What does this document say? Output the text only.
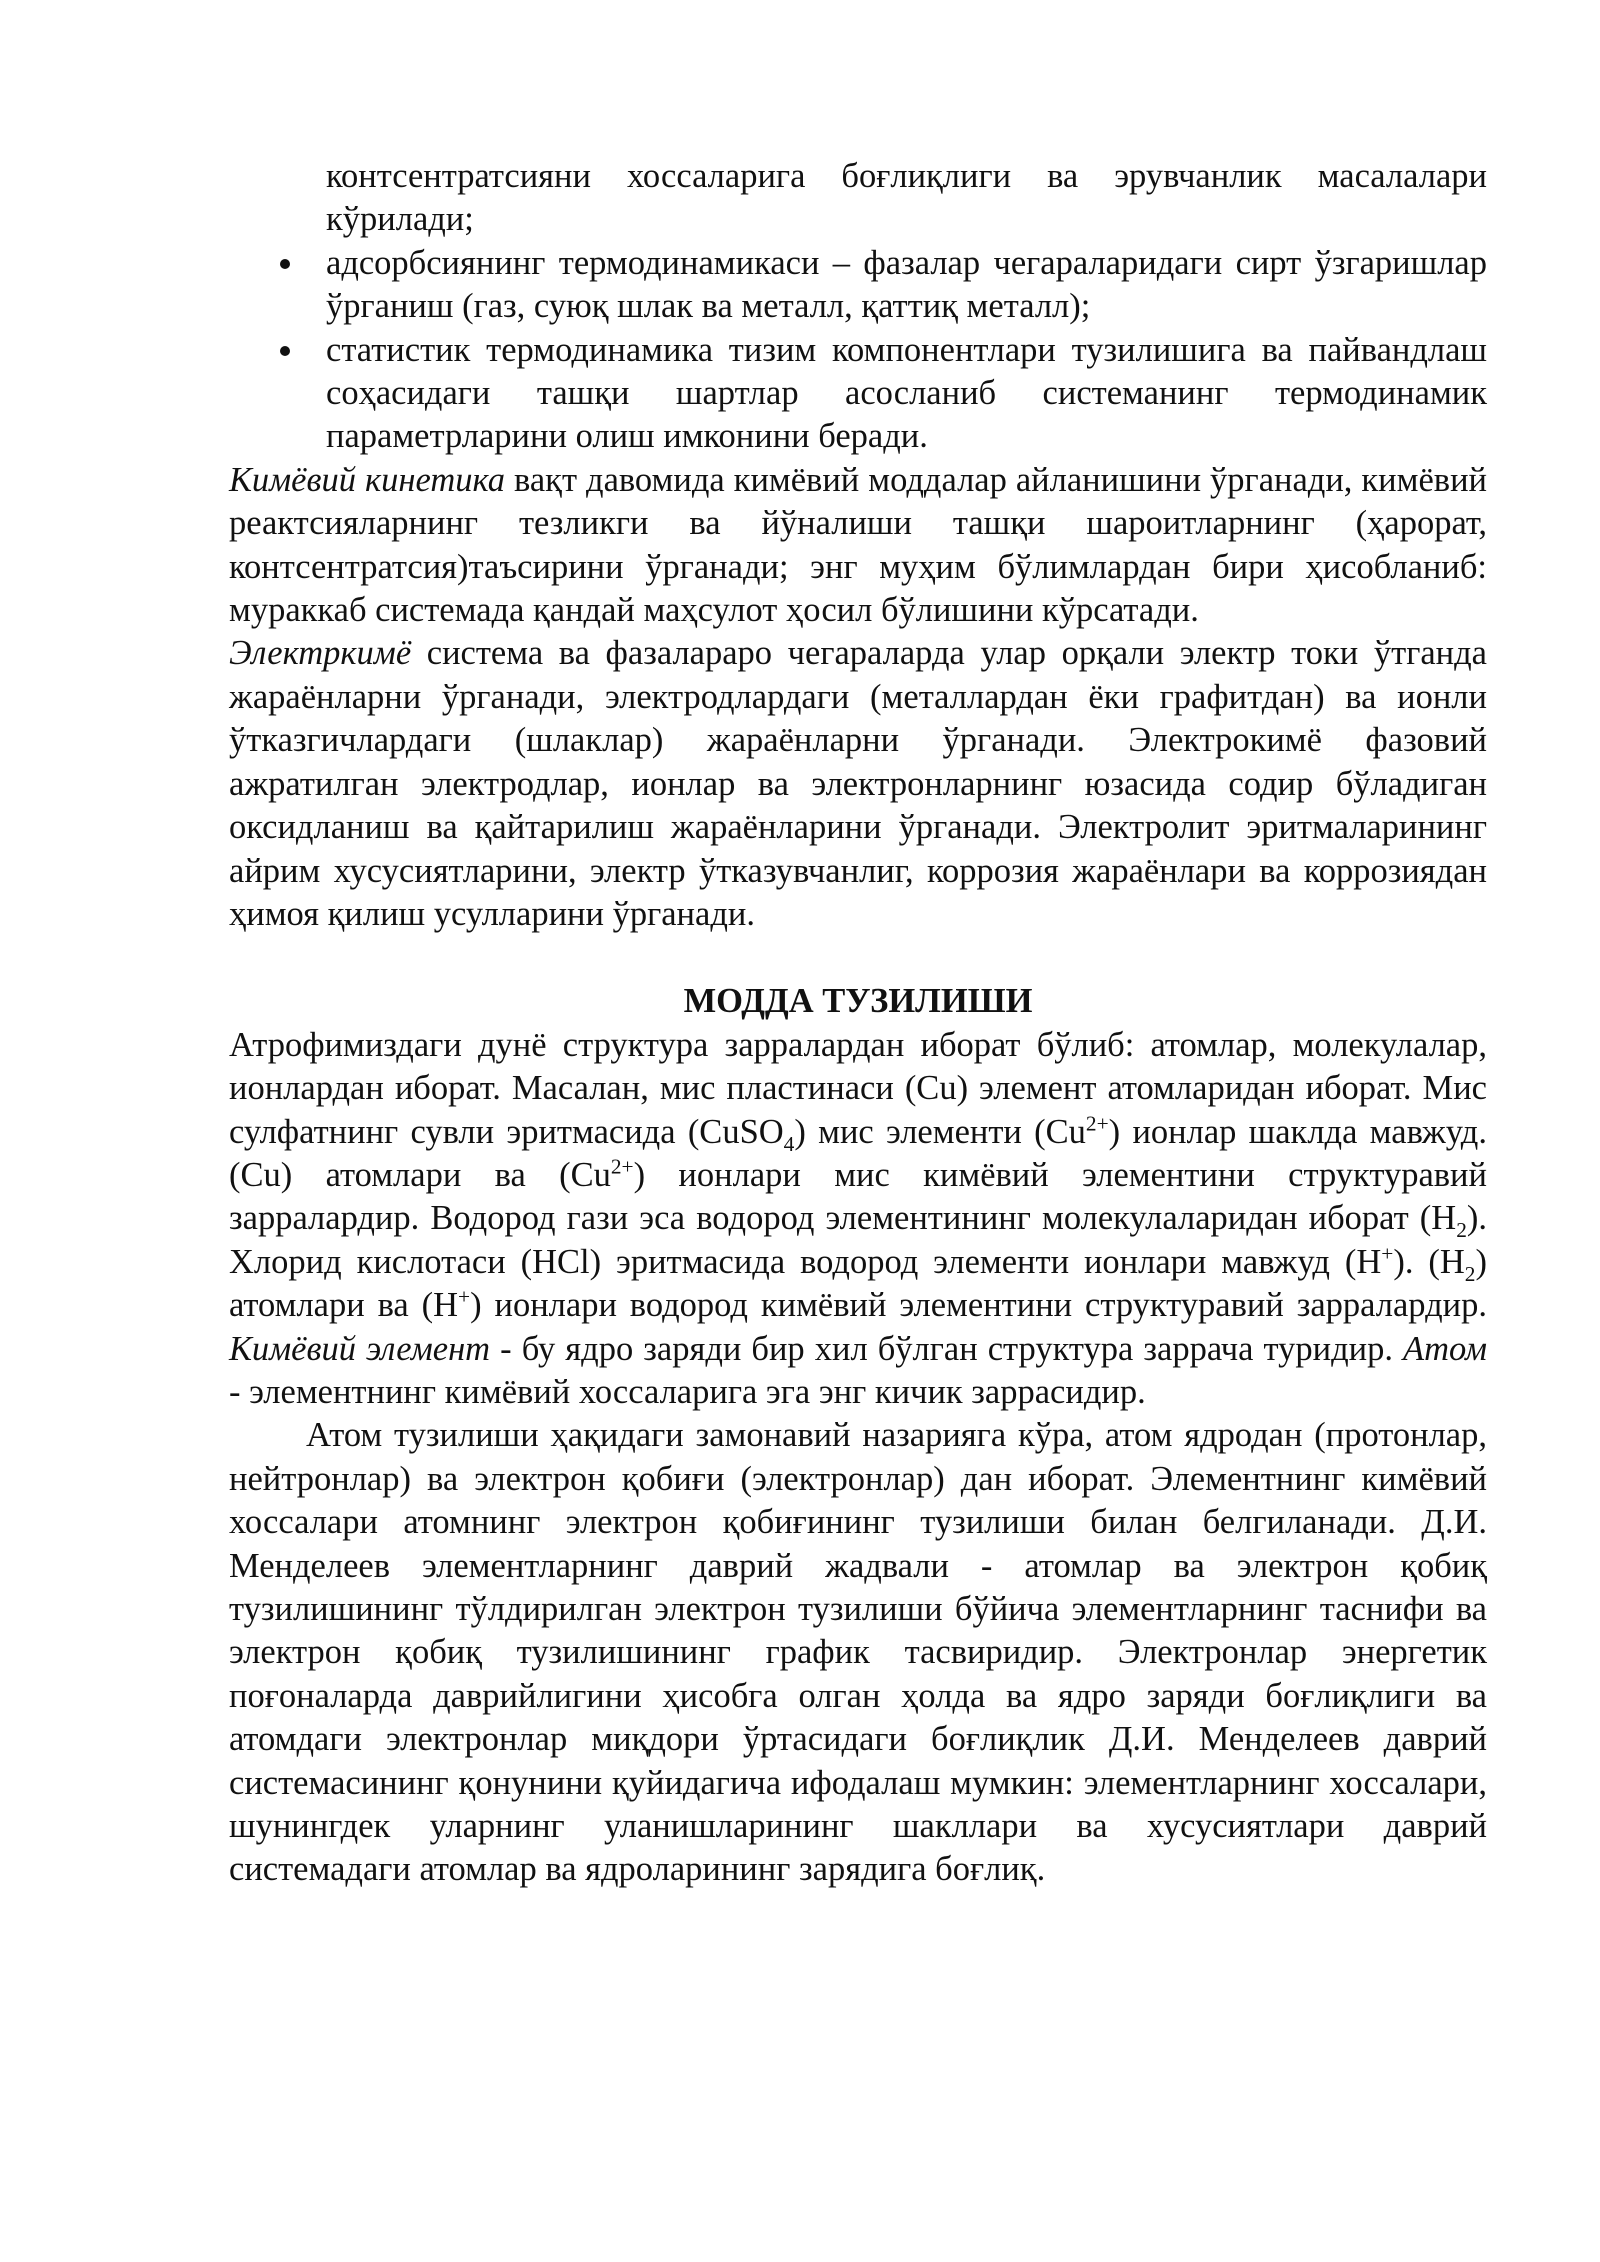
контсентратсияни хоссаларига боғлиқлиги ва эрувчанлик масалалари кўрилади;

адсорбсиянинг термодинамикаси – фазалар чегараларидаги сирт ўзгаришлар ўрганиш (газ, суюқ шлак ва металл, қаттиқ металл);
статистик термодинамика тизим компонентлари тузилишига ва пайвандлаш соҳасидаги ташқи шартлар асосланиб системанинг термодинамик параметрларини олиш имконини беради.

Кимёвий кинетика вақт давомида кимёвий моддалар айланишини ўрганади, кимёвий реактсияларнинг тезликги ва йўналиши ташқи шароитларнинг (ҳарорат, контсентратсия)таъсирини ўрганади; энг муҳим бўлимлардан бири ҳисобланиб: мураккаб системада қандай маҳсулот ҳосил бўлишини кўрсатади.

Электркимё система ва фазалараро чегараларда улар орқали электр токи ўтганда жараёнларни ўрганади, электродлардаги (металлардан ёки графитдан) ва ионли ўтказгичлардаги (шлаклар) жараёнларни ўрганади. Электрокимё фазовий ажратилган электродлар, ионлар ва электронларнинг юзасида содир бўладиган оксидланиш ва қайтарилиш жараёнларини ўрганади. Электролит эритмаларининг айрим хусусиятларини, электр ўтказувчанлиг, коррозия жараёнлари ва коррозиядан ҳимоя қилиш усулларини ўрганади.

МОДДА ТУЗИЛИШИ

Атрофимиздаги дунё структура зарралардан иборат бўлиб: атомлар, молекулалар, ионлардан иборат. Масалан, мис пластинаси (Cu) элемент атомларидан иборат. Мис сулфатнинг сувли эритмасида (CuSO$_4$) мис элементи $(Cu^{2+})$ ионлар шаклда мавжуд. (Cu) атомлари ва $(Cu^{2+})$ ионлари мис кимёвий элементини структуравий зарралардир. Водород гази эса водород элементининг молекулаларидан иборат $(H_2)$. Хлорид кислотаси (HCl) эритмасида водород элементи ионлари мавжуд (H+). $(H_2)$ атомлари ва (H+) ионлари водород кимёвий элементини структуравий зарралардир. Кимёвий элемент - бу ядро заряди бир хил бўлган структура заррача туридир. Атом - элементнинг кимёвий хоссаларига эга энг кичик заррасидир.

Атом тузилиши ҳақидаги замонавий назарияга кўра, атом ядродан (протонлар, нейтронлар) ва электрон қобиғи (электронлар) дан иборат. Элементнинг кимёвий хоссалари атомнинг электрон қобиғининг тузилиши билан белгиланади. Д.И. Менделеев элементларнинг даврий жадвали - атомлар ва электрон қобиқ тузилишининг тўлдирилган электрон тузилиши бўйича элементларнинг таснифи ва электрон қобиқ тузилишининг график тасвиридир. Электронлар энергетик поғоналарда даврийлигини ҳисобга олган ҳолда ва ядро заряди боғлиқлиги ва атомдаги электронлар миқдори ўртасидаги боғлиқлик Д.И. Менделеев даврий системасининг қонунини қуйидагича ифодалаш мумкин: элементларнинг хоссалари, шунингдек уларнинг уланишларининг шакллари ва хусусиятлари даврий системадаги атомлар ва ядроларининг зарядига боғлиқ.
